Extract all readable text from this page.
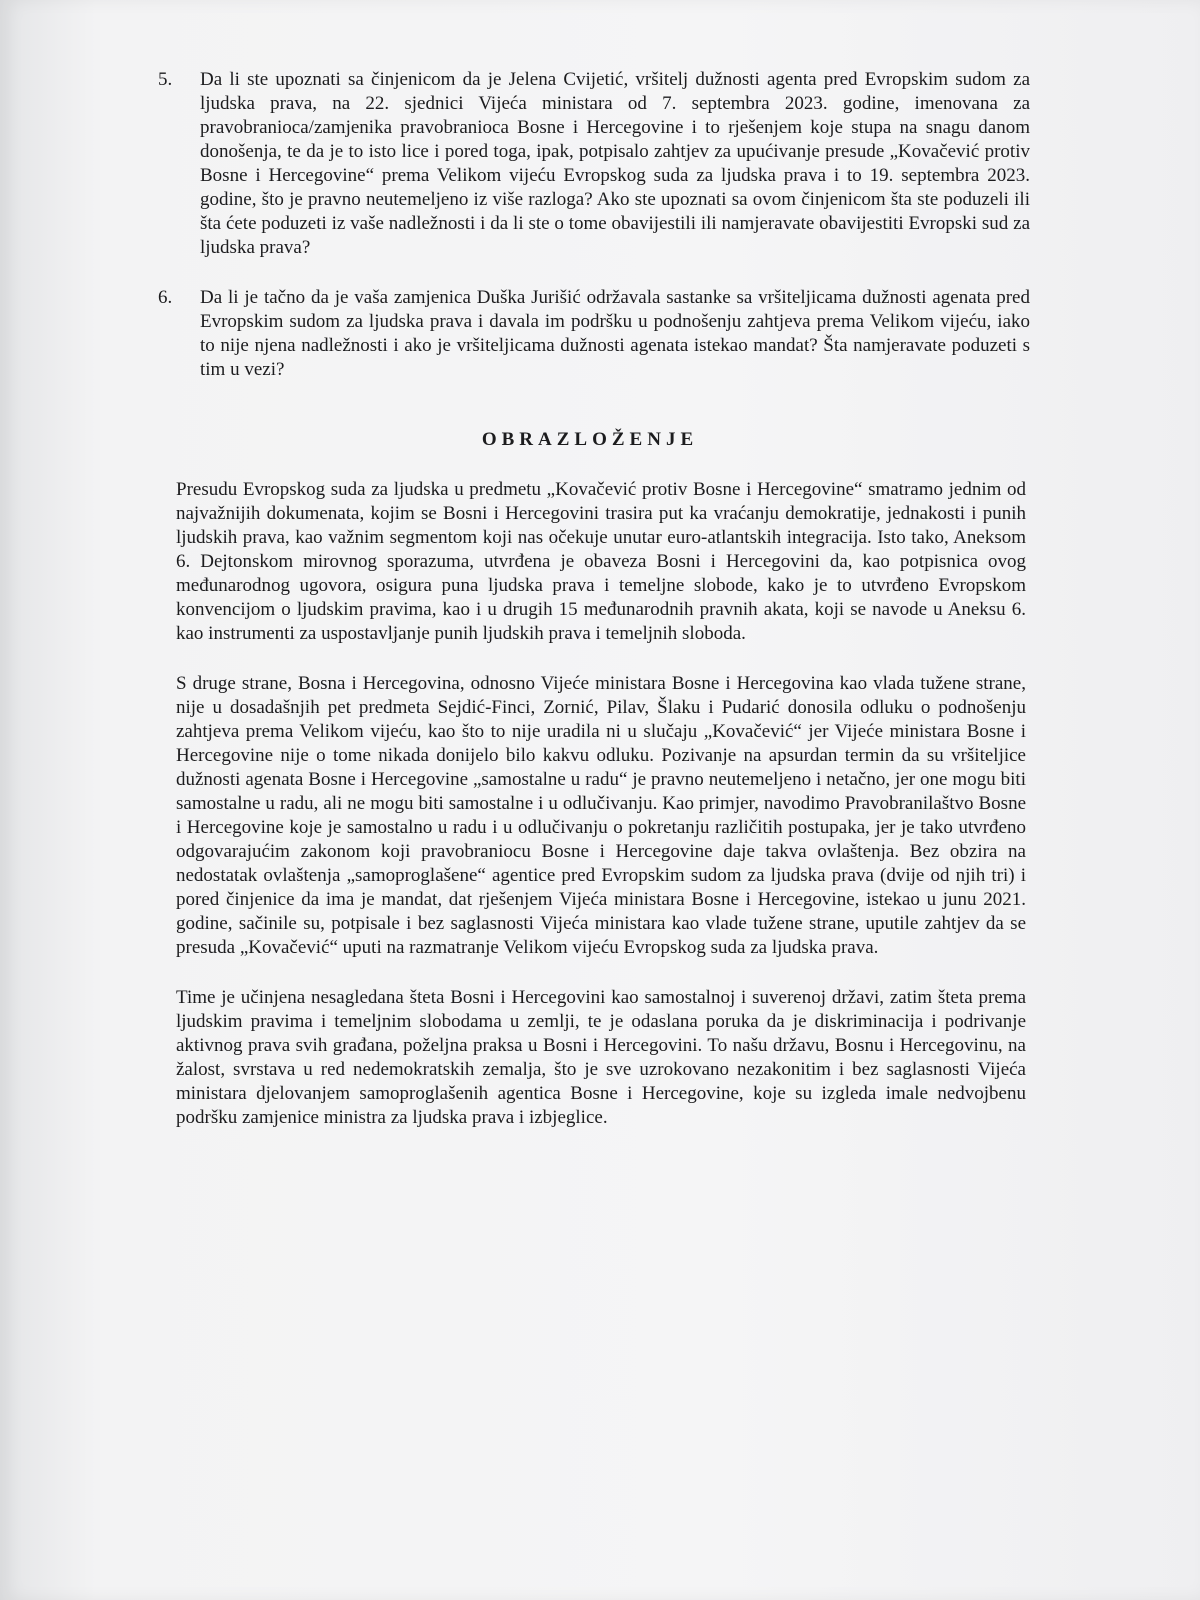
5.	Da li ste upoznati sa činjenicom da je Jelena Cvijetić, vršitelj dužnosti agenta pred Evropskim sudom za ljudska prava, na 22. sjednici Vijeća ministara od 7. septembra 2023. godine, imenovana za pravobranioca/zamjenika pravobranioca Bosne i Hercegovine i to rješenjem koje stupa na snagu danom donošenja, te da je to isto lice i pored toga, ipak, potpisalo zahtjev za upućivanje presude „Kovačević protiv Bosne i Hercegovine“ prema Velikom vijeću Evropskog suda za ljudska prava i to 19. septembra 2023. godine, što je pravno neutemeljeno iz više razloga? Ako ste upoznati sa ovom činjenicom šta ste poduzeli ili šta ćete poduzeti iz vaše nadležnosti i da li ste o tome obavijestili ili namjeravate obavijestiti Evropski sud za ljudska prava?

6.	Da li je tačno da je vaša zamjenica Duška Jurišić održavala sastanke sa vršiteljicama dužnosti agenata pred Evropskim sudom za ljudska prava i davala im podršku u podnošenju zahtjeva prema Velikom vijeću, iako to nije njena nadležnosti i ako je vršiteljicama dužnosti agenata istekao mandat? Šta namjeravate poduzeti s tim u vezi?

OBRAZLOŽENJE

Presudu Evropskog suda za ljudska u predmetu „Kovačević protiv Bosne i Hercegovine“ smatramo jednim od najvažnijih dokumenata, kojim se Bosni i Hercegovini trasira put ka vraćanju demokratije, jednakosti i punih ljudskih prava, kao važnim segmentom koji nas očekuje unutar euro-atlantskih integracija. Isto tako, Aneksom 6. Dejtonskom mirovnog sporazuma, utvrđena je obaveza Bosni i Hercegovini da, kao potpisnica ovog međunarodnog ugovora, osigura puna ljudska prava i temeljne slobode, kako je to utvrđeno Evropskom konvencijom o ljudskim pravima, kao i u drugih 15 međunarodnih pravnih akata, koji se navode u Aneksu 6. kao instrumenti za uspostavljanje punih ljudskih prava i temeljnih sloboda.

S druge strane, Bosna i Hercegovina, odnosno Vijeće ministara Bosne i Hercegovina kao vlada tužene strane, nije u dosadašnjih pet predmeta Sejdić-Finci, Zornić, Pilav, Šlaku i Pudarić donosila odluku o podnošenju zahtjeva prema Velikom vijeću, kao što to nije uradila ni u slučaju „Kovačević“ jer Vijeće ministara Bosne i Hercegovine nije o tome nikada donijelo bilo kakvu odluku. Pozivanje na apsurdan termin da su vršiteljice dužnosti agenata Bosne i Hercegovine „samostalne u radu“ je pravno neutemeljeno i netačno, jer one mogu biti samostalne u radu, ali ne mogu biti samostalne i u odlučivanju. Kao primjer, navodimo Pravobranilaštvo Bosne i Hercegovine koje je samostalno u radu i u odlučivanju o pokretanju različitih postupaka, jer je tako utvrđeno odgovarajućim zakonom koji pravobraniocu Bosne i Hercegovine daje takva ovlaštenja. Bez obzira na nedostatak ovlaštenja „samoproglašene“ agentice pred Evropskim sudom za ljudska prava (dvije od njih tri) i pored činjenice da ima je mandat, dat rješenjem Vijeća ministara Bosne i Hercegovine, istekao u junu 2021. godine, sačinile su, potpisale i bez saglasnosti Vijeća ministara kao vlade tužene strane, uputile zahtjev da se presuda „Kovačević“ uputi na razmatranje Velikom vijeću Evropskog suda za ljudska prava.

Time je učinjena nesagledana šteta Bosni i Hercegovini kao samostalnoj i suverenoj državi, zatim šteta prema ljudskim pravima i temeljnim slobodama u zemlji, te je odaslana poruka da je diskriminacija i podrivanje aktivnog prava svih građana, poželjna praksa u Bosni i Hercegovini. To našu državu, Bosnu i Hercegovinu, na žalost, svrstava u red nedemokratskih zemalja, što je sve uzrokovano nezakonitim i bez saglasnosti Vijeća ministara djelovanjem samoproglašenih agentica Bosne i Hercegovine, koje su izgleda imale nedvojbenu podršku zamjenice ministra za ljudska prava i izbjeglice.
